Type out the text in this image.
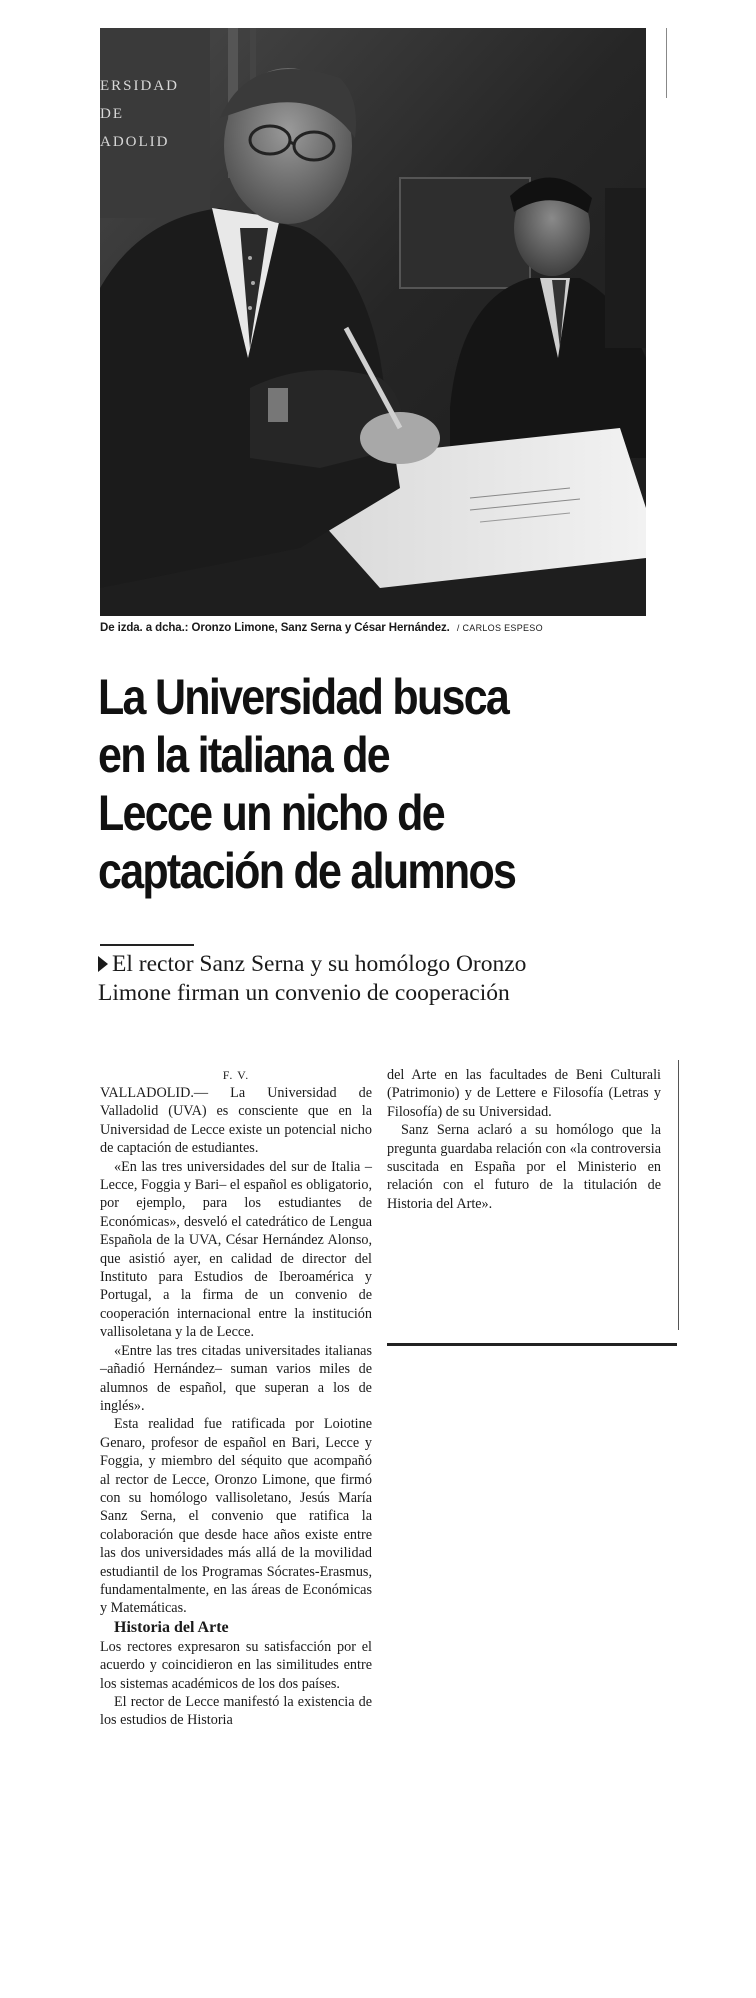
ERSIDAD
DE
ADOLID
De izda. a dcha.: Oronzo Limone, Sanz Serna y César Hernández. / CARLOS ESPESO
La Universidad busca
en la italiana de
Lecce un nicho de
captación de alumnos
El rector Sanz Serna y su homólogo Oronzo
Limone firman un convenio de cooperación
F. V.

VALLADOLID.— La Universidad de Valladolid (UVA) es consciente que en la Universidad de Lecce existe un potencial nicho de captación de estudiantes.

«En las tres universidades del sur de Italia –Lecce, Foggia y Bari– el español es obligatorio, por ejemplo, para los estudiantes de Económicas», desveló el catedrático de Lengua Española de la UVA, César Hernández Alonso, que asistió ayer, en calidad de director del Instituto para Estudios de Iberoamérica y Portugal, a la firma de un convenio de cooperación internacional entre la institución vallisoletana y la de Lecce.

«Entre las tres citadas universitades italianas –añadió Hernández– suman varios miles de alumnos de español, que superan a los de inglés».

Esta realidad fue ratificada por Loiotine Genaro, profesor de español en Bari, Lecce y Foggia, y miembro del séquito que acompañó al rector de Lecce, Oronzo Limone, que firmó con su homólogo vallisoletano, Jesús María Sanz Serna, el convenio que ratifica la colaboración que desde hace años existe entre las dos universidades más allá de la movilidad estudiantil de los Programas Sócrates-Erasmus, fundamentalmente, en las áreas de Económicas y Matemáticas.

Historia del Arte

Los rectores expresaron su satisfacción por el acuerdo y coincidieron en las similitudes entre los sistemas académicos de los dos países.

El rector de Lecce manifestó la existencia de los estudios de Historia

del Arte en las facultades de Beni Culturali (Patrimonio) y de Lettere e Filosofía (Letras y Filosofía) de su Universidad.

Sanz Serna aclaró a su homólogo que la pregunta guardaba relación con «la controversia suscitada en España por el Ministerio en relación con el futuro de la titulación de Historia del Arte».
